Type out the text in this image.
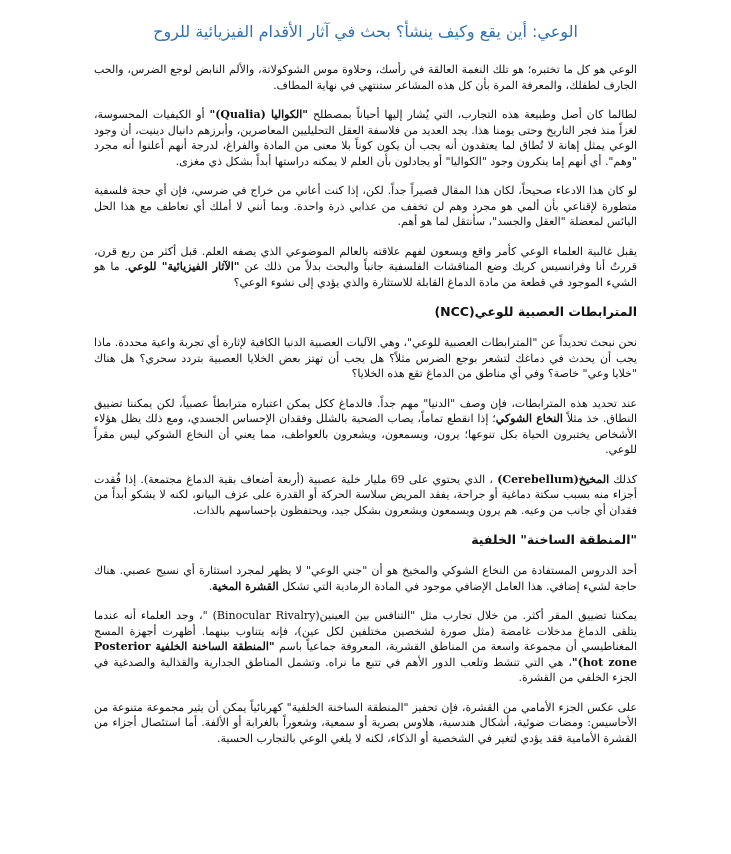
الوعي: أين يقع وكيف ينشأ؟ بحث في آثار الأقدام الفيزيائية للروح

الوعي هو كل ما تختبره؛ هو تلك النغمة العالقة في رأسك، وحلاوة موس الشوكولاتة، والألم النابض لوجع الضرس، والحب الجارف لطفلك، والمعرفة المرة بأن كل هذه المشاعر ستنتهي في نهاية المطاف.

لطالما كان أصل وطبيعة هذه التجارب، التي يُشار إليها أحياناً بمصطلح "الكواليا (Qualia)" أو الكيفيات المحسوسة، لغزاً منذ فجر التاريخ وحتى يومنا هذا. يجد العديد من فلاسفة العقل التحليليين المعاصرين، وأبرزهم دانيال دينيت، أن وجود الوعي يمثل إهانة لا تُطاق لما يعتقدون أنه يجب أن يكون كوناً بلا معنى من المادة والفراغ، لدرجة أنهم أعلنوا أنه مجرد "وهم". أي أنهم إما ينكرون وجود "الكواليا" أو يجادلون بأن العلم لا يمكنه دراستها أبداً بشكل ذي مغزى.

لو كان هذا الادعاء صحيحاً، لكان هذا المقال قصيراً جداً. لكن، إذا كنت أعاني من خراج في ضرسي، فإن أي حجة فلسفية متطورة لإقناعي بأن ألمي هو مجرد وهم لن تخفف من عذابي ذرة واحدة. وبما أنني لا أملك أي تعاطف مع هذا الحل اليائس لمعضلة "العقل والجسد"، سأنتقل لما هو أهم.

يقبل غالبية العلماء الوعي كأمر واقع ويسعون لفهم علاقته بالعالم الموضوعي الذي يصفه العلم. قبل أكثر من ربع قرن، قررتُ أنا وفرانسيس كريك وضع المناقشات الفلسفية جانباً والبحث بدلاً من ذلك عن "الآثار الفيزيائية" للوعي. ما هو الشيء الموجود في قطعة من مادة الدماغ القابلة للاستثارة والذي يؤدي إلى نشوء الوعي؟

المترابطات العصبية للوعي(NCC)

نحن نبحث تحديداً عن "المترابطات العصبية للوعي"، وهي الآليات العصبية الدنيا الكافية لإثارة أي تجربة واعية محددة. ماذا يجب أن يحدث في دماغك لتشعر بوجع الضرس مثلاً؟ هل يجب أن تهتز بعض الخلايا العصبية بتردد سحري؟ هل هناك "خلايا وعي" خاصة؟ وفي أي مناطق من الدماغ تقع هذه الخلايا؟

عند تحديد هذه المترابطات، فإن وصف "الدنيا" مهم جداً. فالدماغ ككل يمكن اعتباره مترابطاً عصبياً، لكن يمكننا تضييق النطاق. خذ مثلاً النخاع الشوكي؛ إذا انقطع تماماً، يصاب الضحية بالشلل وفقدان الإحساس الجسدي، ومع ذلك يظل هؤلاء الأشخاص يختبرون الحياة بكل تنوعها؛ يرون، ويسمعون، ويشعرون بالعواطف، مما يعني أن النخاع الشوكي ليس مقراً للوعي.

كذلك المخيخ(Cerebellum) ، الذي يحتوي على 69 مليار خلية عصبية (أربعة أضعاف بقية الدماغ مجتمعة). إذا فُقدت أجزاء منه بسبب سكتة دماغية أو جراحة، يفقد المريض سلاسة الحركة أو القدرة على عزف البيانو، لكنه لا يشكو أبداً من فقدان أي جانب من وعيه. هم يرون ويسمعون ويشعرون بشكل جيد، ويحتفظون بإحساسهم بالذات.

"المنطقة الساخنة" الخلفية

أحد الدروس المستفادة من النخاع الشوكي والمخيخ هو أن "جني الوعي" لا يظهر لمجرد استثارة أي نسيج عصبي. هناك حاجة لشيء إضافي. هذا العامل الإضافي موجود في المادة الرمادية التي تشكل القشرة المخية.

يمكننا تضييق المقر أكثر. من خلال تجارب مثل "التنافس بين العينين(Binocular Rivalry) "، وجد العلماء أنه عندما يتلقى الدماغ مدخلات غامضة (مثل صورة لشخصين مختلفين لكل عين)، فإنه يتناوب بينهما. أظهرت أجهزة المسح المغناطيسي أن مجموعة واسعة من المناطق القشرية، المعروفة جماعياً باسم "المنطقة الساخنة الخلفية Posterior hot zone)"، هي التي تنشط وتلعب الدور الأهم في تتبع ما نراه. وتشمل المناطق الجدارية والقذالية والصدغية في الجزء الخلفي من القشرة.

على عكس الجزء الأمامي من القشرة، فإن تحفيز "المنطقة الساخنة الخلفية" كهربائياً يمكن أن يثير مجموعة متنوعة من الأحاسيس: ومضات ضوئية، أشكال هندسية، هلاوس بصرية أو سمعية، وشعوراً بالغرابة أو الألفة. أما استئصال أجزاء من القشرة الأمامية فقد يؤدي لتغير في الشخصية أو الذكاء، لكنه لا يلغي الوعي بالتجارب الحسية.
